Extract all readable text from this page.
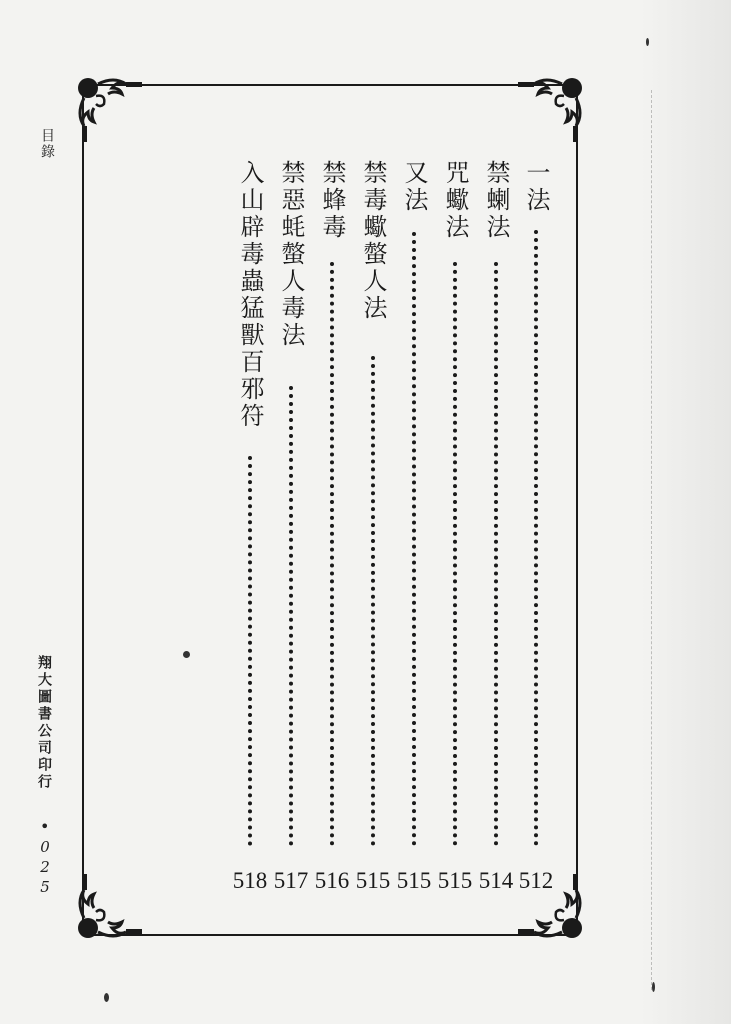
目錄
翔大圖書公司印行
•
025
一法
512
禁蝲法
514
咒蠍法
515
又法
515
禁毒蠍螫人法
515
禁蜂毒
516
禁惡蚝螫人毒法
517
入山辟毒蟲猛獸百邪符
518
